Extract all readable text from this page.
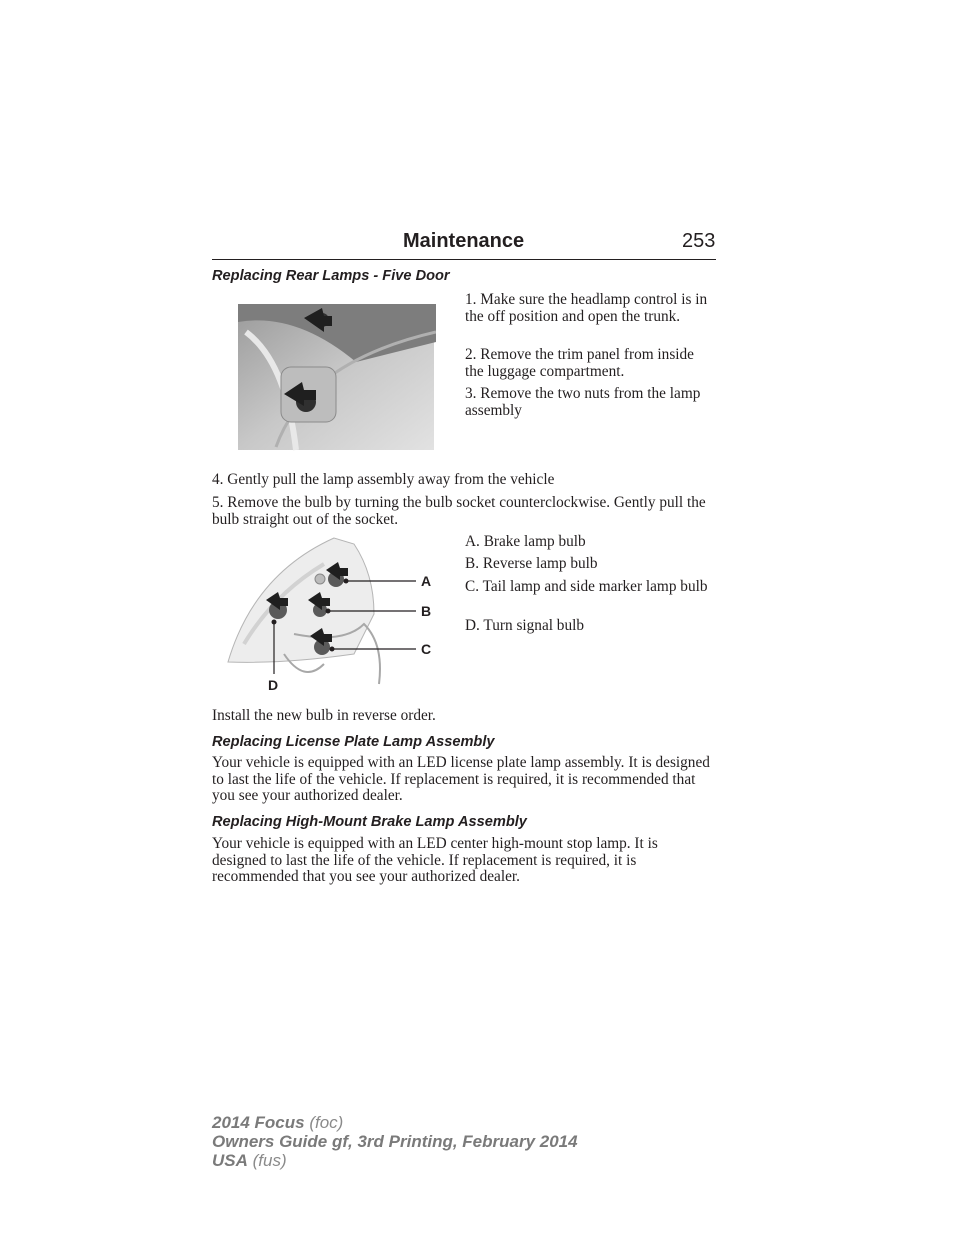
Maintenance	253
Replacing Rear Lamps - Five Door
1. Make sure the headlamp control is in the off position and open the trunk.
2. Remove the trim panel from inside the luggage compartment.
3. Remove the two nuts from the lamp assembly
4. Gently pull the lamp assembly away from the vehicle
5. Remove the bulb by turning the bulb socket counterclockwise. Gently pull the bulb straight out of the socket.
A
B
C
D
A. Brake lamp bulb
B. Reverse lamp bulb
C. Tail lamp and side marker lamp bulb
D. Turn signal bulb
Install the new bulb in reverse order.
Replacing License Plate Lamp Assembly
Your vehicle is equipped with an LED license plate lamp assembly. It is designed to last the life of the vehicle. If replacement is required, it is recommended that you see your authorized dealer.
Replacing High-Mount Brake Lamp Assembly
Your vehicle is equipped with an LED center high-mount stop lamp. It is designed to last the life of the vehicle. If replacement is required, it is recommended that you see your authorized dealer.
2014 Focus (foc)
Owners Guide gf, 3rd Printing, February 2014
USA (fus)
